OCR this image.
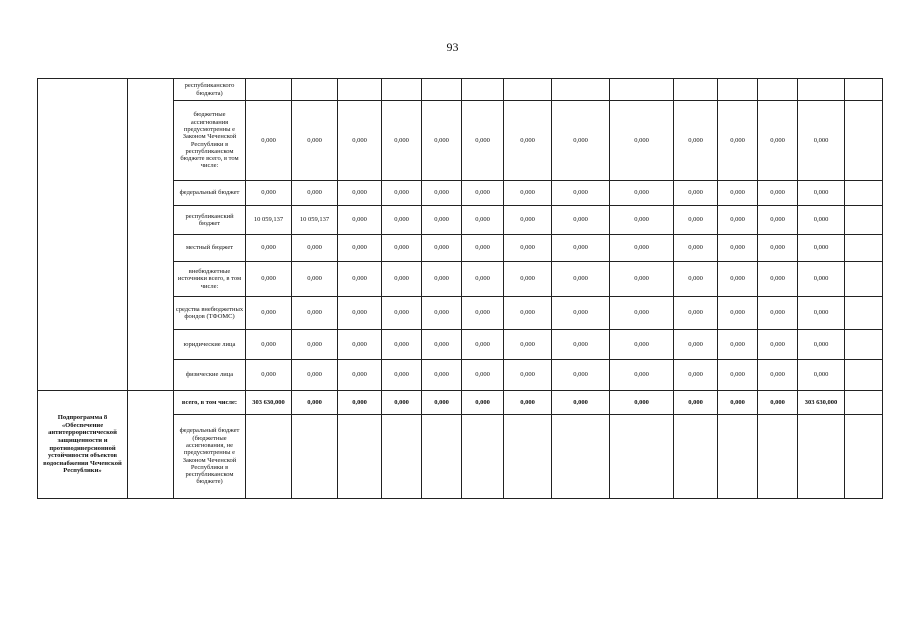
93
		республиканского бюджета)														
		бюджетные ассигнования предусмотренны е Законом Чеченской Республики в республиканском бюджете всего, в том числе:	0,000	0,000	0,000	0,000	0,000	0,000	0,000	0,000	0,000	0,000	0,000	0,000	0,000	
		федеральный бюджет	0,000	0,000	0,000	0,000	0,000	0,000	0,000	0,000	0,000	0,000	0,000	0,000	0,000	
		республиканский бюджет	10 059,137	10 059,137	0,000	0,000	0,000	0,000	0,000	0,000	0,000	0,000	0,000	0,000	0,000	
		местный бюджет	0,000	0,000	0,000	0,000	0,000	0,000	0,000	0,000	0,000	0,000	0,000	0,000	0,000	
		внебюджетные источники всего, в том числе:	0,000	0,000	0,000	0,000	0,000	0,000	0,000	0,000	0,000	0,000	0,000	0,000	0,000	
		средства внебюджетных фондов (ТФОМС)	0,000	0,000	0,000	0,000	0,000	0,000	0,000	0,000	0,000	0,000	0,000	0,000	0,000	
		юридические лица	0,000	0,000	0,000	0,000	0,000	0,000	0,000	0,000	0,000	0,000	0,000	0,000	0,000	
		физические лица	0,000	0,000	0,000	0,000	0,000	0,000	0,000	0,000	0,000	0,000	0,000	0,000	0,000	
Подпрограмма 8 «Обеспечение антитеррористической защищенности и противодиверсионной устойчивости объектов водоснабжения Чеченской Республики»		всего, в том числе:	303 630,000	0,000	0,000	0,000	0,000	0,000	0,000	0,000	0,000	0,000	0,000	0,000	303 630,000	
		федеральный бюджет (бюджетные ассигнования, не предусмотренны е Законом Чеченской Республики в республиканском бюджете)														
